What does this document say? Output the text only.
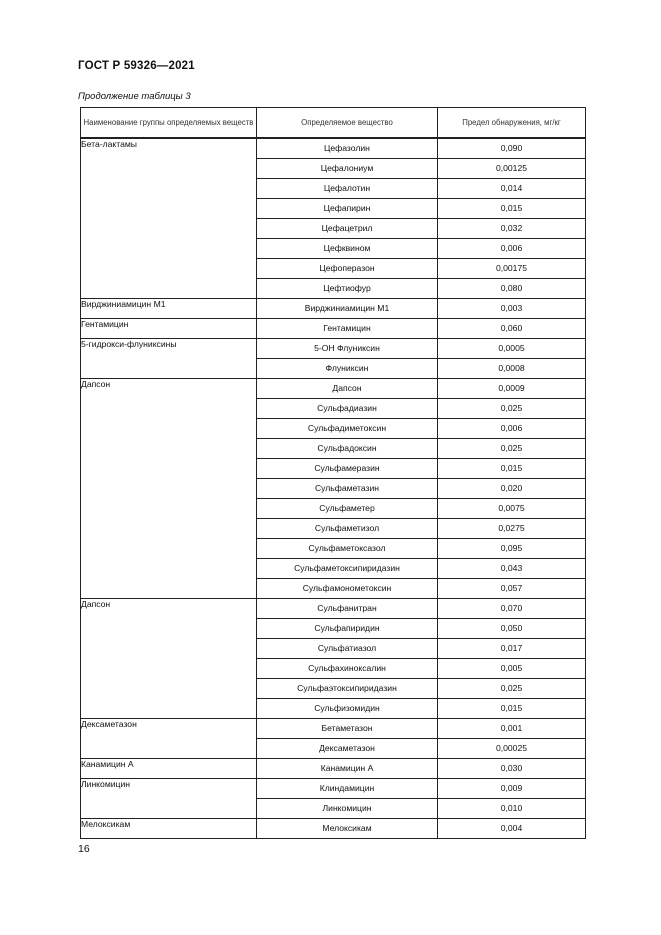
ГОСТ Р 59326—2021
Продолжение таблицы 3
Наименование группы определяемых веществ	Определяемое вещество	Предел обнаружения, мг/кг
Бета-лактамы	Цефазолин	0,090
	Цефалониум	0,00125
	Цефалотин	0,014
	Цефапирин	0,015
	Цефацетрил	0,032
	Цефквином	0,006
	Цефоперазон	0,00175
	Цефтиофур	0,080
Вирджиниамицин М1	Вирджиниамицин М1	0,003
Гентамицин	Гентамицин	0,060
5-гидрокси-флуниксины	5-ОН Флуниксин	0,0005
	Флуниксин	0,0008
Дапсон	Дапсон	0,0009
	Сульфадиазин	0,025
	Сульфадиметоксин	0,006
	Сульфадоксин	0,025
	Сульфамеразин	0,015
	Сульфаметазин	0,020
	Сульфаметер	0,0075
	Сульфаметизол	0,0275
	Сульфаметоксазол	0,095
	Сульфаметоксипиридазин	0,043
	Сульфамонометоксин	0,057
Дапсон	Сульфанитран	0,070
	Сульфапиридин	0,050
	Сульфатиазол	0,017
	Сульфахиноксалин	0,005
	Сульфаэтоксипиридазин	0,025
	Сульфизомидин	0,015
Дексаметазон	Бетаметазон	0,001
	Дексаметазон	0,00025
Канамицин А	Канамицин А	0,030
Линкомицин	Клиндамицин	0,009
	Линкомицин	0,010
Мелоксикам	Мелоксикам	0,004
16
